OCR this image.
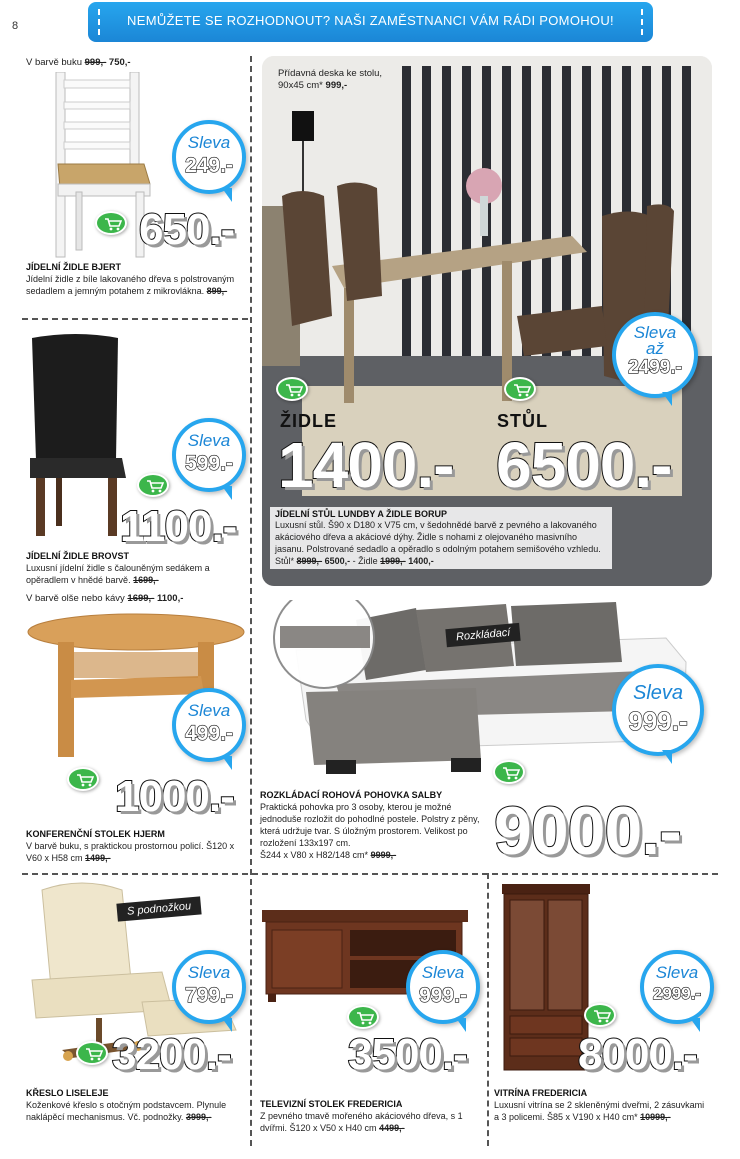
8	NEMŮŽETE SE ROZHODNOUT? NAŠI ZAMĚSTNANCI VÁM RÁDI POMOHOU!
V barvě buku 999,- 750,-
Sleva
249.-
650.-
JÍDELNÍ ŽIDLE BJERT
Jídelní židle z bíle lakovaného dřeva s polstrovaným sedadlem a jemným potahem z mikrovlákna. 899,-
Přídavná deska ke stolu,
90x45 cm* 999,-
ŽIDLE	STŮL
Sleva
až
2499.-
1400.- 6500.-
JÍDELNÍ STŮL LUNDBY A ŽIDLE BORUP
Luxusní stůl. Š90 x D180 x V75 cm, v šedohnědé barvě z pevného a lakovaného akáciového dřeva a akáciové dýhy. Židle s nohami z olejovaného masivního jasanu. Polstrované sedadlo a opěradlo s odolným potahem semišového vzhledu.
Stůl* 8999,- 6500,- - Židle 1999,- 1400,-
Sleva
599.-
1100.-
JÍDELNÍ ŽIDLE BROVST
Luxusní jídelní židle s čalouněným sedákem a opěradlem v hnědé barvě. 1699,-
V barvě olše nebo kávy 1699,- 1100,-
Sleva
499.-
1000.-
KONFERENČNÍ STOLEK HJERM
V barvě buku, s praktickou prostornou policí. Š120 x V60 x H58 cm 1499,-
Rozkládací
Sleva
999.-
ROZKLÁDACÍ ROHOVÁ POHOVKA SALBY
Praktická pohovka pro 3 osoby, kterou je možné jednoduše rozložit do pohodlné postele. Polstry z pěny, která udržuje tvar. S úložným prostorem. Velikost po rozložení 133x197 cm.
Š244 x V80 x H82/148 cm* 9999,-	9000.-
S podnožkou
Sleva
799.-
3200.-
KŘESLO LISELEJE
Koženkové křeslo s otočným podstavcem. Plynule naklápěcí mechanismus. Vč. podnožky. 3999,-
Sleva
999.-
3500.-
TELEVIZNÍ STOLEK FREDERICIA
Z pevného tmavě mořeného akáciového dřeva, s 1 dvířmi. Š120 x V50 x H40 cm 4499,-
Sleva
2999.-
8000.-
VITRÍNA FREDERICIA
Luxusní vitrína se 2 skleněnými dveřmi, 2 zásuvkami a 3 policemi. Š85 x V190 x H40 cm* 10999,-
